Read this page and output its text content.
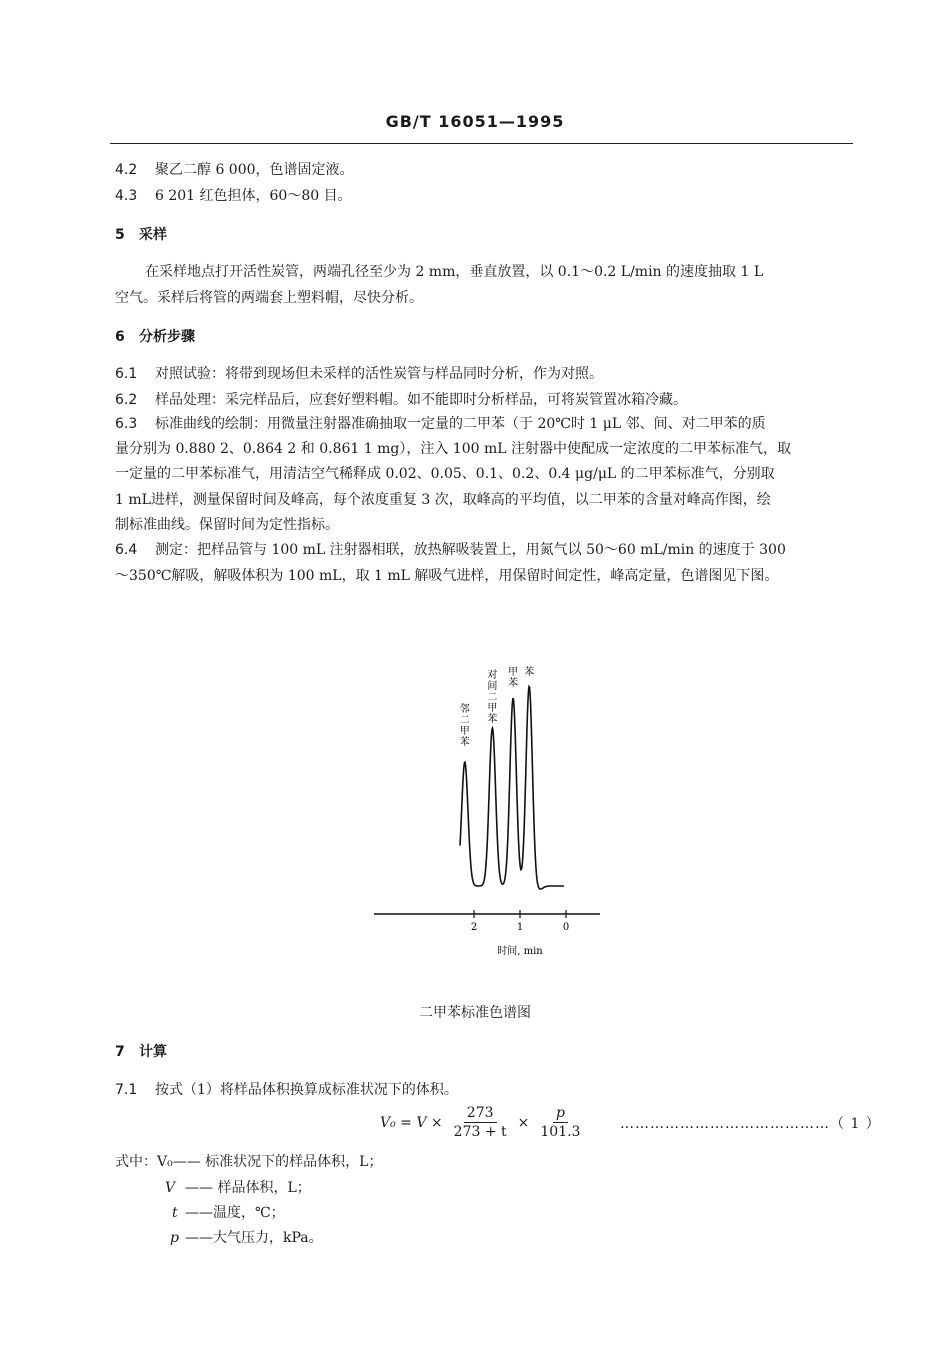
GB/T 16051—1995
4.2 聚乙二醇 6 000，色谱固定液。
4.3 6 201 红色担体，60～80 目。
5 采样
在采样地点打开活性炭管，两端孔径至少为 2 mm，垂直放置，以 0.1～0.2 L/min 的速度抽取 1 L
空气。采样后将管的两端套上塑料帽，尽快分析。
6 分析步骤
6.1 对照试验：将带到现场但未采样的活性炭管与样品同时分析，作为对照。
6.2 样品处理：采完样品后，应套好塑料帽。如不能即时分析样品，可将炭管置冰箱冷藏。
6.3 标准曲线的绘制：用微量注射器准确抽取一定量的二甲苯（于 20℃时 1 μL 邻、间、对二甲苯的质
量分别为 0.880 2、0.864 2 和 0.861 1 mg），注入 100 mL 注射器中使配成一定浓度的二甲苯标准气，取
一定量的二甲苯标准气，用清洁空气稀释成 0.02、0.05、0.1、0.2、0.4 μg/μL 的二甲苯标准气，分别取
1 mL进样，测量保留时间及峰高，每个浓度重复 3 次，取峰高的平均值，以二甲苯的含量对峰高作图，绘
制标准曲线。保留时间为定性指标。
6.4 测定：把样品管与 100 mL 注射器相联，放热解吸装置上，用氮气以 50～60 mL/min 的速度于 300
～350℃解吸，解吸体积为 100 mL，取 1 mL 解吸气进样，用保留时间定性，峰高定量，色谱图见下图。
邻二甲苯
对间二甲苯
甲苯
苯
2	1	0
时间, min
二甲苯标准色谱图
7 计算
7.1 按式（1）将样品体积换算成标准状况下的体积。
$V_0 = V \times \frac{273}{273 + t} \times \frac{p}{101.3}$	……………………………………（ 1 ）
式中：V₀—— 标准状况下的样品体积，L；
V —— 样品体积，L；
t ——温度，℃；
p ——大气压力，kPa。
